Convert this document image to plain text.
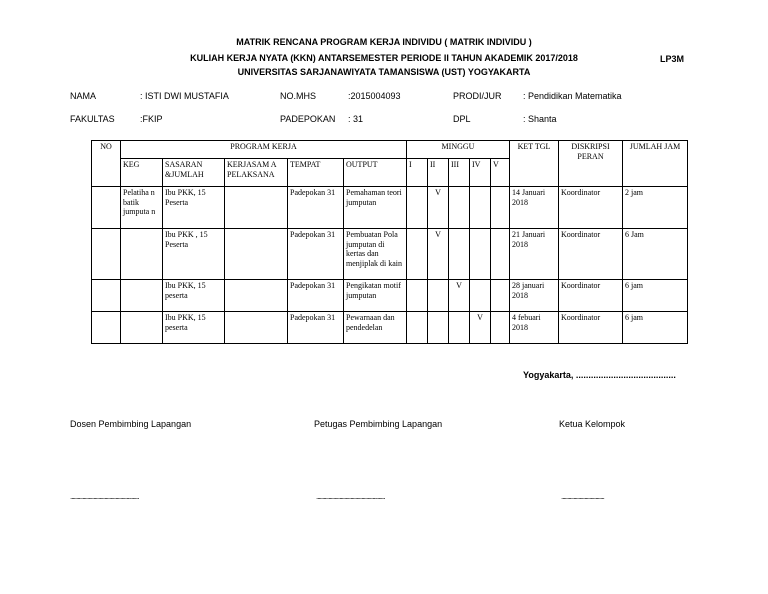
MATRIK RENCANA PROGRAM KERJA INDIVIDU ( MATRIK INDIVIDU )
KULIAH KERJA NYATA (KKN) ANTARSEMESTER PERIODE II TAHUN AKADEMIK 2017/2018	LP3M
UNIVERSITAS SARJANAWIYATA TAMANSISWA (UST) YOGYAKARTA
NAMA	: ISTI DWI MUSTAFIA	NO.MHS	:2015004093	PRODI/JUR : Pendidikan Matematika
FAKULTAS	:FKIP	PADEPOKAN : 31	DPL	: Shanta
NO	PROGRAM KERJA					MINGGU					KET TGL	DISKRIPSI PERAN	JUMLAH JAM
	KEG	SASARAN &JUMLAH	KERJASAM A PELAKSANA	TEMPAT	OUTPUT	I	II	III	IV	V			
	Pelatiha n batik jumputa n	Ibu PKK, 15 Peserta		Padepokan 31	Pemahaman teori jumputan		V				14 Januari 2018	Koordinator	2 jam
		Ibu PKK , 15 Peserta		Padepokan 31	Pembuatan Pola jumputan di kertas dan menjiplak di kain		V				21 Januari 2018	Koordinator	6 Jam
		Ibu PKK, 15 peserta		Padepokan 31	Pengikatan motif jumputan			V			28 januari 2018	Koordinator	6 jam
		Ibu PKK, 15 peserta		Padepokan 31	Pewarnaan dan pendedelan				V		4 febuari 2018	Koordinator	6 jam
Yogyakarta, ........................................
Dosen Pembimbing Lapangan	Petugas Pembimbing Lapangan	Ketua Kelompok
........................................................	........................................................	...................................
